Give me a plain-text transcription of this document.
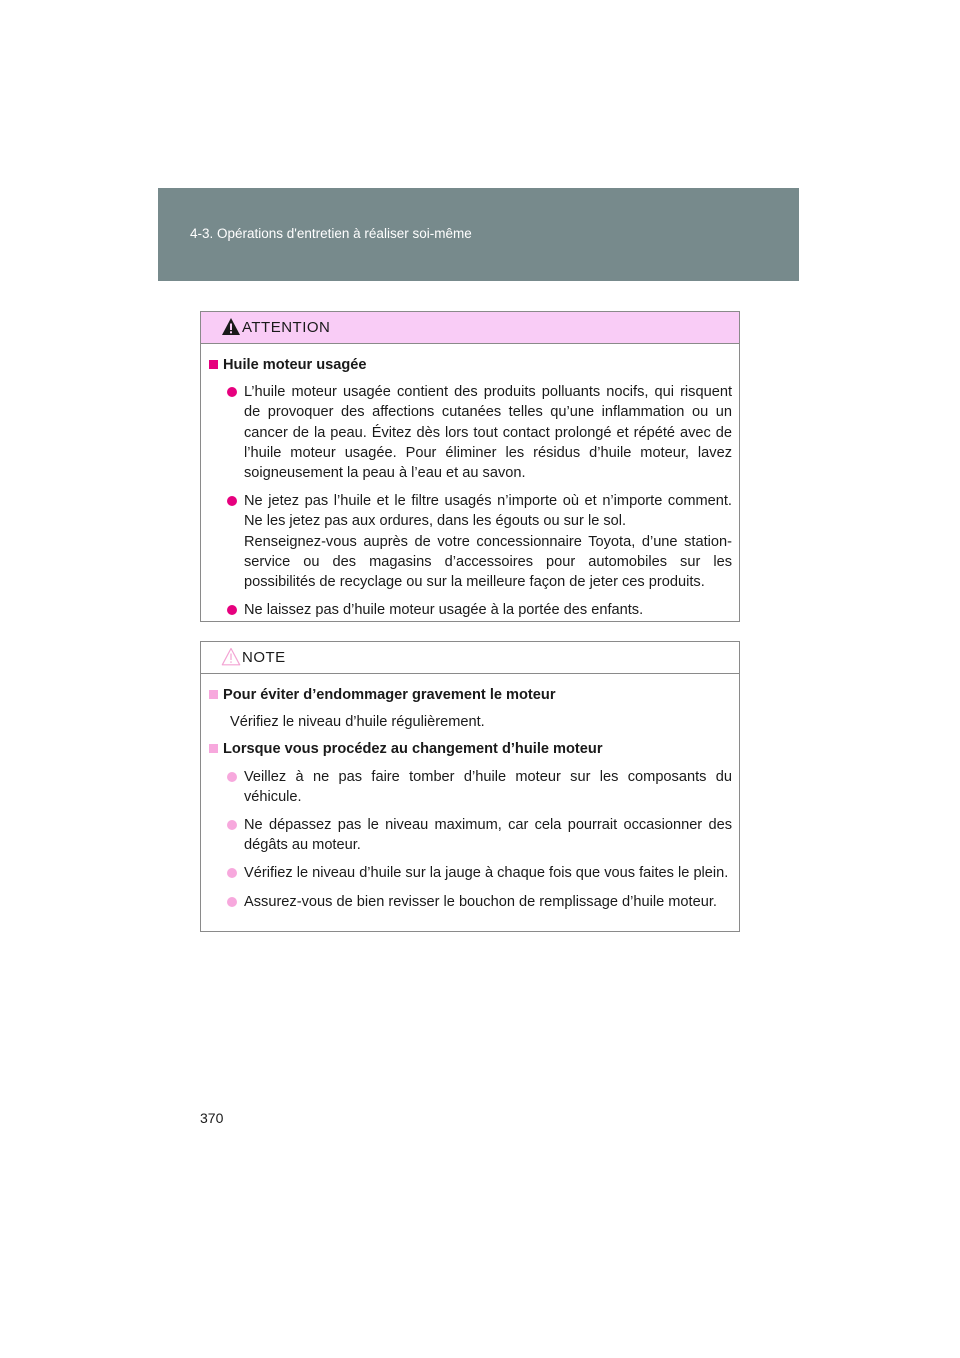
4-3. Opérations d'entretien à réaliser soi-même
ATTENTION
Huile moteur usagée
L’huile moteur usagée contient des produits polluants nocifs, qui risquent de provoquer des affections cutanées telles qu’une inflammation ou un cancer de la peau. Évitez dès lors tout contact prolongé et répété avec de l’huile moteur usagée. Pour éliminer les résidus d’huile moteur, lavez soigneusement la peau à l’eau et au savon.
Ne jetez pas l’huile et le filtre usagés n’importe où et n’importe comment. Ne les jetez pas aux ordures, dans les égouts ou sur le sol.
Renseignez-vous auprès de votre concessionnaire Toyota, d’une station-service ou des magasins d’accessoires pour automobiles sur les possibilités de recyclage ou sur la meilleure façon de jeter ces produits.
Ne laissez pas d’huile moteur usagée à la portée des enfants.
NOTE
Pour éviter d’endommager gravement le moteur
Vérifiez le niveau d’huile régulièrement.
Lorsque vous procédez au changement d’huile moteur
Veillez à ne pas faire tomber d’huile moteur sur les composants du véhicule.
Ne dépassez pas le niveau maximum, car cela pourrait occasionner des dégâts au moteur.
Vérifiez le niveau d’huile sur la jauge à chaque fois que vous faites le plein.
Assurez-vous de bien revisser le bouchon de remplissage d’huile moteur.
370
